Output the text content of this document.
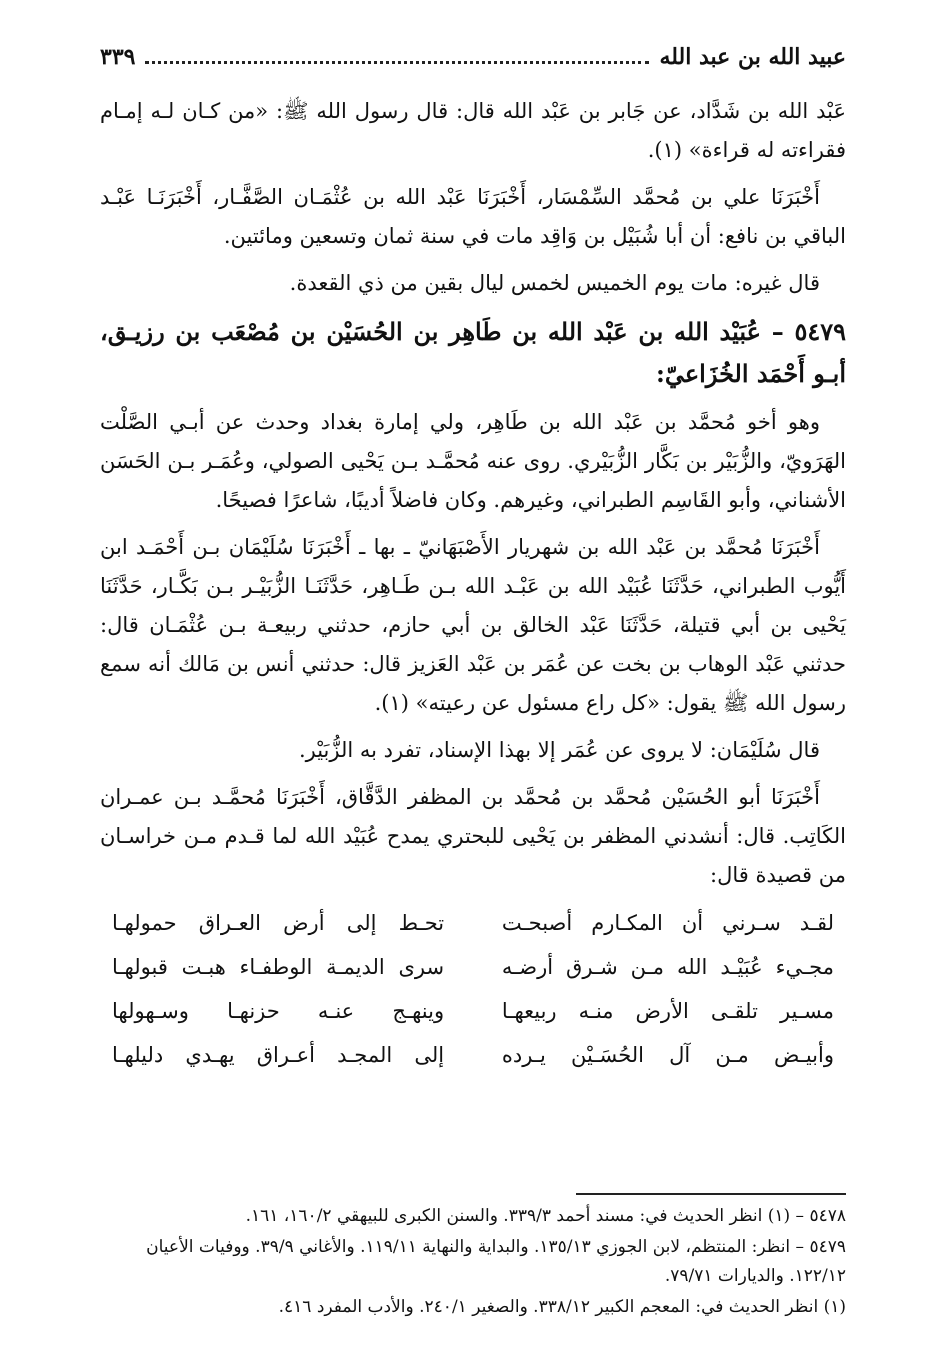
عبيد الله بن عبد الله
٣٣٩

عَبْد الله بن شَدَّاد، عن جَابر بن عَبْد الله قال: قال رسول الله ﷺ: «من كـان لـه إمـام فقراءته له قراءة» (١).

أَخْبَرَنَا علي بن مُحمَّد السِّمْسَار، أَخْبَرَنَا عَبْد الله بن عُثْمَـان الصَّفَّـار، أَخْبَرَنَـا عَبْـد الباقي بن نافع: أن أبا شُبَيْل بن وَاقِد مات في سنة ثمان وتسعين ومائتين.

قال غيره: مات يوم الخميس لخمس ليال بقين من ذي القعدة.

٥٤٧٩ – عُبَيْد الله بن عَبْد الله بن طَاهِر بن الحُسَيْن بن مُصْعَب بن رزيـق، أبـو أَحْمَد الخُزَاعيّ:

وهو أخو مُحمَّد بن عَبْد الله بن طَاهِر، ولي إمارة بغداد وحدث عن أبـي الصَّلْت الهَرَويّ، والزُّبَيْر بن بَكَّار الزُّبَيْري. روى عنه مُحمَّـد بـن يَحْيى الصولي، وعُمَـر بـن الحَسَن الأشناني، وأبو القَاسِم الطبراني، وغيرهم. وكان فاضلاً أديبًا، شاعرًا فصيحًا.

أَخْبَرَنَا مُحمَّد بن عَبْد الله بن شهريار الأَصْبَهَانيّ ـ بها ـ أَخْبَرَنَا سُلَيْمَان بـن أَحْمَـد ابن أَيُّوب الطبراني، حَدَّثَنَا عُبَيْد الله بن عَبْـد الله بـن طَـاهِر، حَدَّثَنَـا الزُّبَيْـر بـن بَكَّـار، حَدَّثَنَا يَحْيى بن أبي قتيلة، حَدَّثَنَا عَبْد الخالق بن أبي حازم، حدثني ربيعـة بـن عُثْمَـان قال: حدثني عَبْد الوهاب بن بخت عن عُمَر بن عَبْد العَزيز قال: حدثني أنس بن مَالك أنه سمع رسول الله ﷺ يقول: «كل راع مسئول عن رعيته» (١).

قال سُلَيْمَان: لا يروى عن عُمَر إلا بهذا الإسناد، تفرد به الزُّبَيْر.

أَخْبَرَنَا أبو الحُسَيْن مُحمَّد بن مُحمَّد بن المظفر الدَّقَّاق، أَخْبَرَنَا مُحمَّـد بـن عمـران الكَاتِب. قال: أنشدني المظفر بن يَحْيى للبحتري يمدح عُبَيْد الله لما قـدم مـن خراسـان من قصيدة قال:

لقـد سـرني أن المكـارم أصبحـت
تحـط إلى أرض العـراق حمولهـا
مجـيء عُبَيْـد الله مـن شـرق أرضـه
سرى الديمـة الوطفـاء هبـت قبولهـا
مسـير تلقـى الأرض منـه ربيعهـا
وينهـج عنـه حزنهـا وسـهولها
وأبيـض مـن آل الحُسَـيْن يـرده
إلى المجـد أعـراق يهـدي دليلهـا

٥٤٧٨ – (١) انظر الحديث في: مسند أحمد ٣٣٩/٣. والسنن الكبرى للبيهقي ١٦٠/٢، ١٦١.

٥٤٧٩ – انظر: المنتظم، لابن الجوزي ١٣٥/١٣. والبداية والنهاية ١١٩/١١. والأغاني ٣٩/٩. ووفيات الأعيان ١٢٢/١٢. والديارات ٧٩/٧١.

(١) انظر الحديث في: المعجم الكبير ٣٣٨/١٢. والصغير ٢٤٠/١. والأدب المفرد ٤١٦.
